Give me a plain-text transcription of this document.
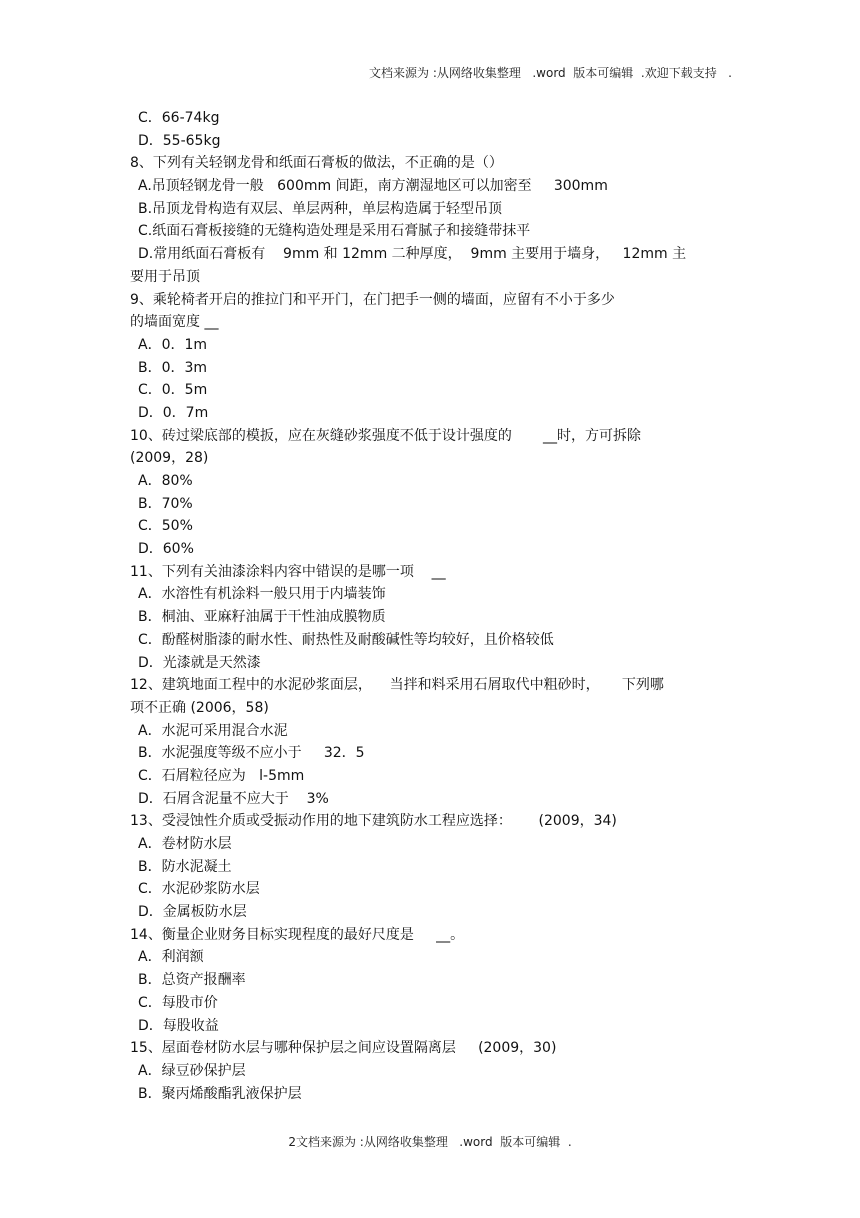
文档来源为 :从网络收集整理   .word  版本可编辑  .欢迎下载支持   .
C．66-74kg
D．55-65kg
8、下列有关轻钢龙骨和纸面石膏板的做法，不正确的是（）
A.吊顶轻钢龙骨一般   600mm 间距，南方潮湿地区可以加密至     300mm
B.吊顶龙骨构造有双层、单层两种，单层构造属于轻型吊顶
C.纸面石膏板接缝的无缝构造处理是采用石膏腻子和接缝带抹平
D.常用纸面石膏板有    9mm 和 12mm 二种厚度，  9mm 主要用于墙身，   12mm 主
要用于吊顶
9、乘轮椅者开启的推拉门和平开门，在门把手一侧的墙面，应留有不小于多少
的墙面宽度 __
A．0．1m
B．0．3m
C．0．5m
D．0．7m
10、砖过梁底部的模扳，应在灰缝砂浆强度不低于设计强度的       __时，方可拆除
(2009，28)
A．80%
B．70%
C．50%
D．60%
11、下列有关油漆涂料内容中错误的是哪一项    __
A．水溶性有机涂料一般只用于内墙装饰
B．桐油、亚麻籽油属于干性油成膜物质
C．酚醛树脂漆的耐水性、耐热性及耐酸碱性等均较好，且价格较低
D．光漆就是天然漆
12、建筑地面工程中的水泥砂浆面层，    当拌和料采用石屑取代中粗砂时，     下列哪
项不正确 (2006，58)
A．水泥可采用混合水泥
B．水泥强度等级不应小于     32．5
C．石屑粒径应为   l-5mm
D．石屑含泥量不应大于    3%
13、受浸蚀性介质或受振动作用的地下建筑防水工程应选择：      (2009，34)
A．卷材防水层
B．防水泥凝土
C．水泥砂浆防水层
D．金属板防水层
14、衡量企业财务目标实现程度的最好尺度是     __。
A．利润额
B．总资产报酬率
C．每股市价
D．每股收益
15、屋面卷材防水层与哪种保护层之间应设置隔离层     (2009，30)
A．绿豆砂保护层
B．聚丙烯酸酯乳液保护层
2文档来源为 :从网络收集整理   .word  版本可编辑  .
